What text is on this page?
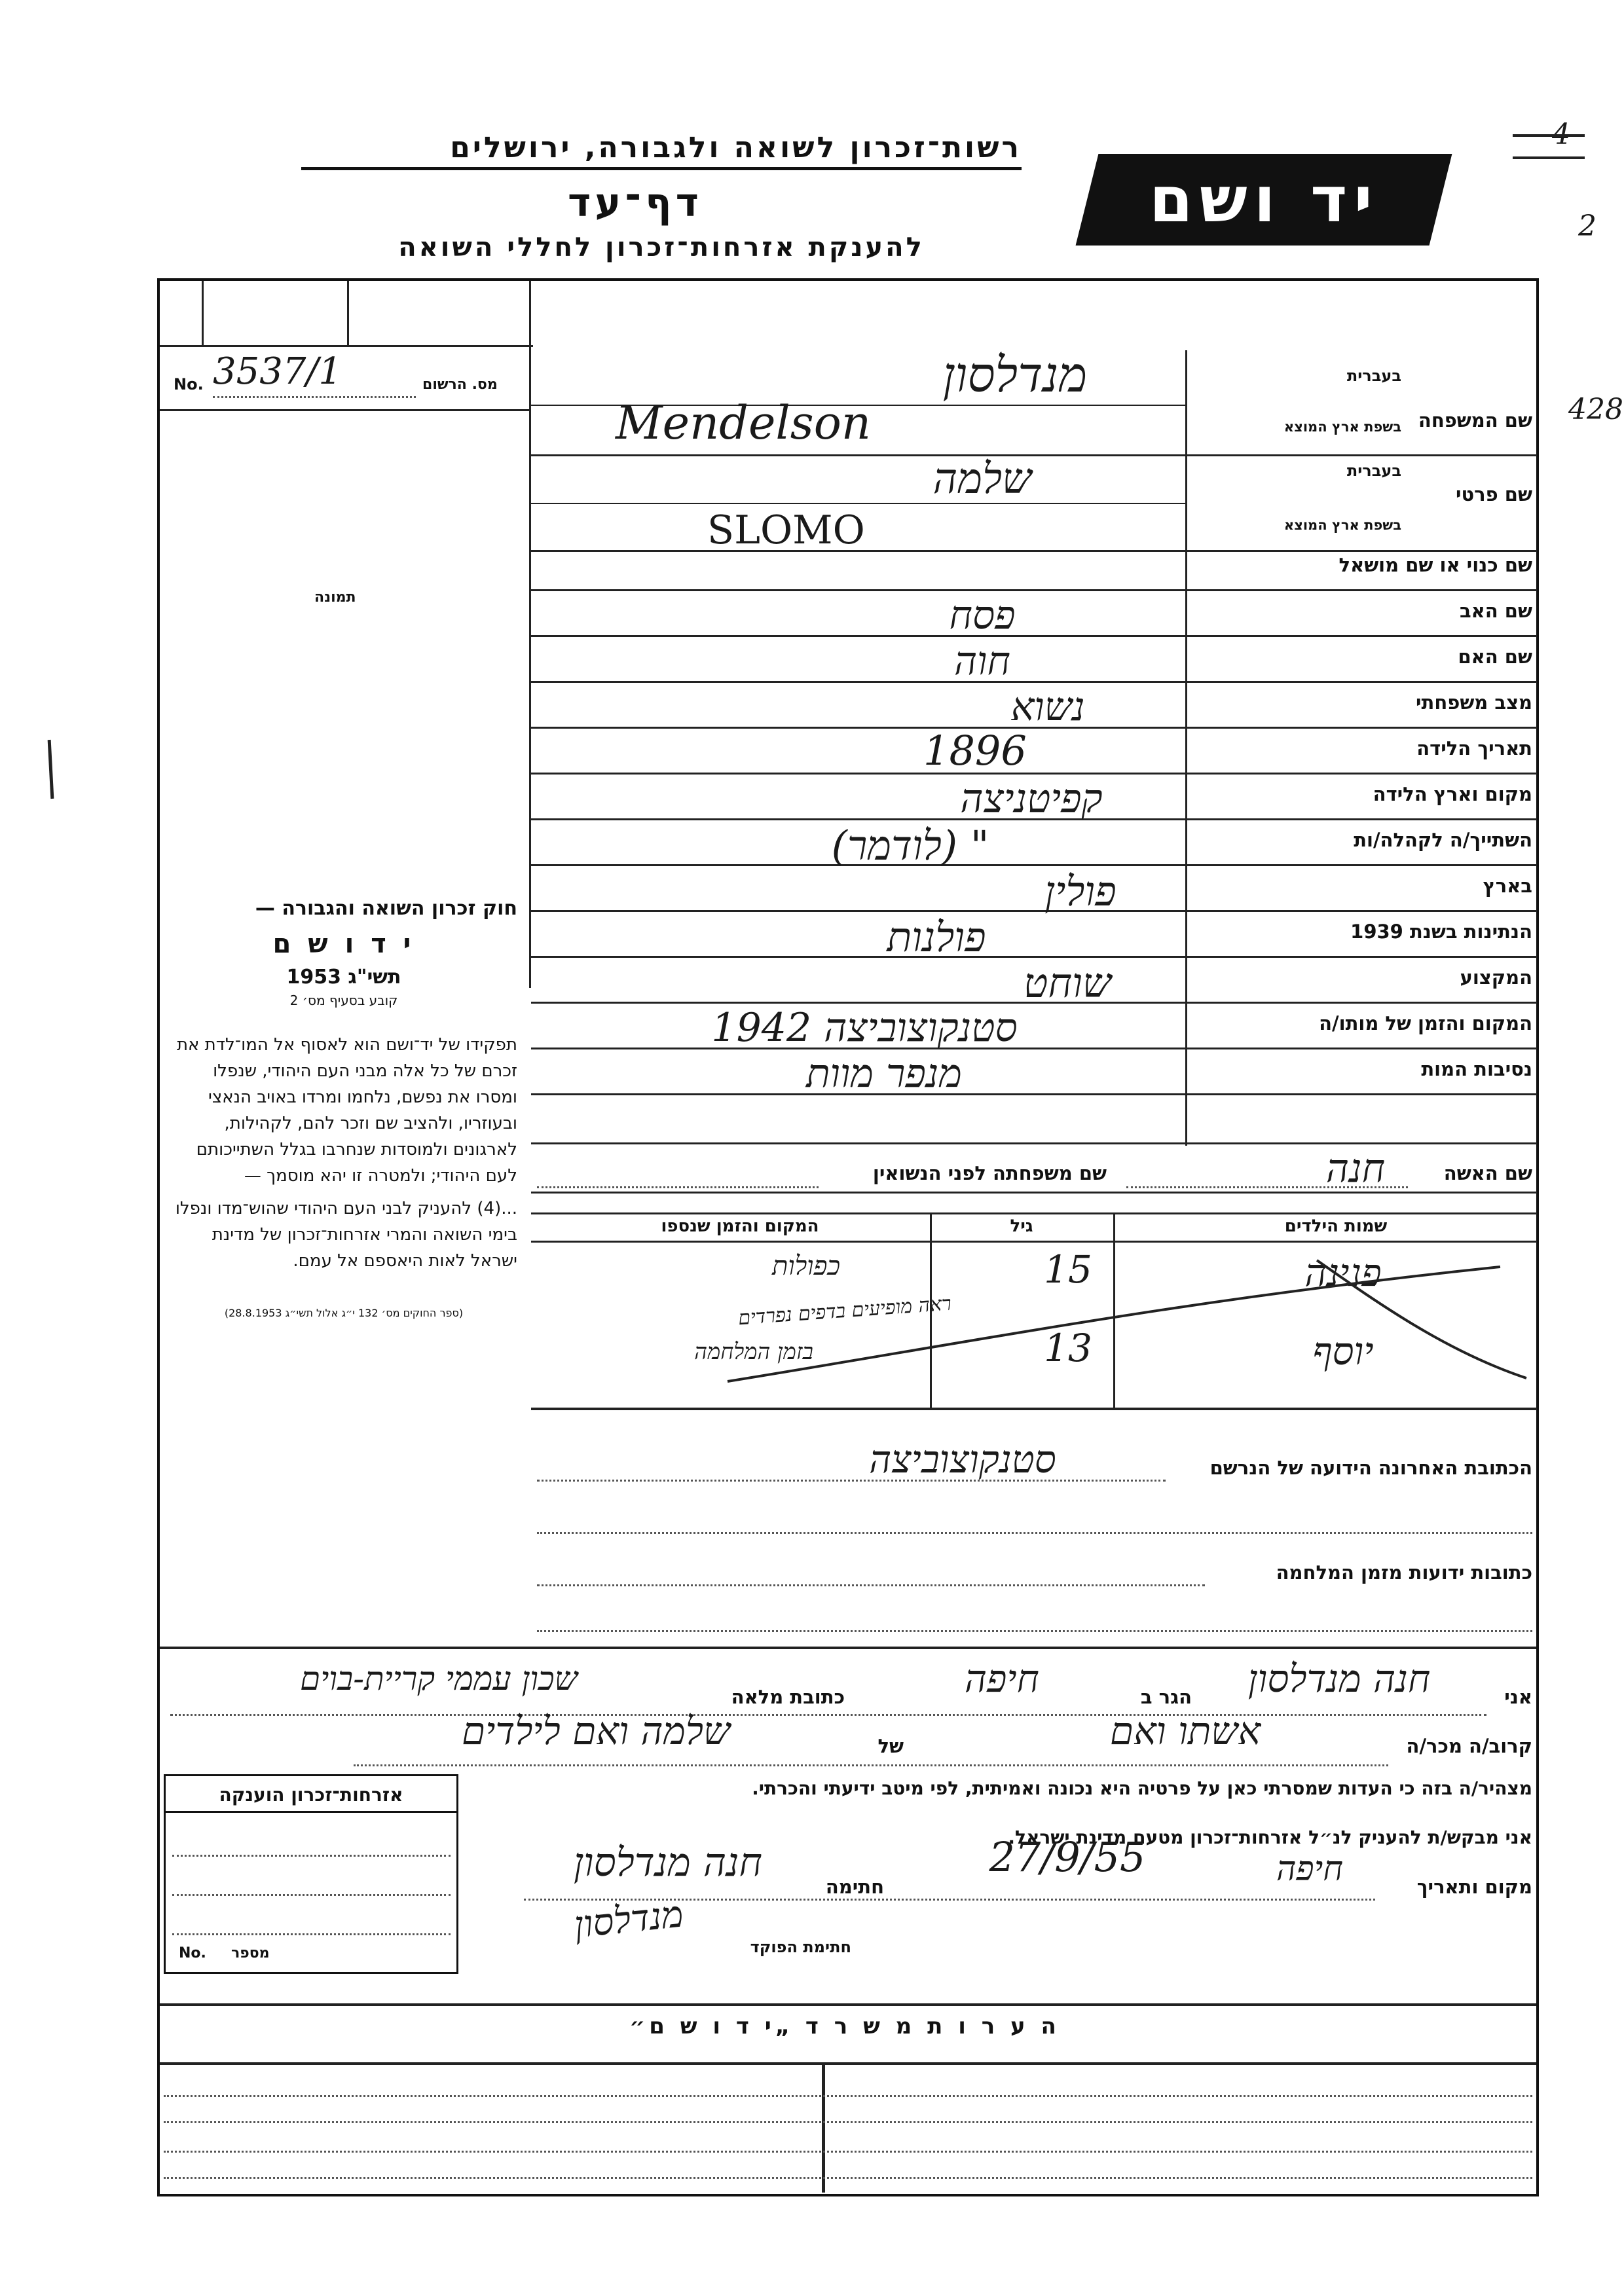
רשות־זכרון לשואה ולגבורה, ירושלים
דף־עד
להענקת אזרחות־זכרון לחללי השואה
יד ושם
4
2
428
No. 3537/1	מס. הרשום
תמונה
שם המשפחה
בעברית
בשפת ארץ המוצא
מנדלסון
Mendelson
שם פרטי
בעברית
בשפת ארץ המוצא
שלמה
SLOMO
שם כנוי או שם מושאל
שם האב
שם האם
מצב משפחתי
תאריך הלידה
מקום וארץ הלידה
השתייך/ה לקהלה/ות
בארץ
הנתינות בשנת 1939
המקצוע
המקום והזמן של מותו/ה
נסיבות המות
פסח
חוה
נשוא
1896
קפיטניצה
" (לודמר)
פולין
פולנות
שוחט
סטנקוצוביצה 1942
מנפר מוות
חוק זכרון השואה והגבורה —
י ד ו ש ם
תשי"ג 1953
קובע בסעיף מס׳ 2
תפקידו של יד־ושם הוא לאסוף אל המו־לדת את זכרם של כל אלה מבני העם היהודי, שנפלו ומסרו את נפשם, נלחמו ומרדו באויב הנאצי ובעוזריו, ולהציב שם וזכר להם, לקהילות, לארגונים ולמוסדות שנחרבו בגלל השתייכותם לעם היהודי; ולמטרה זו יהא מוסמך —
...(4) להעניק לבני העם היהודי שהוש־מדו ונפלו בימי השואה והמרי אזרחות־זכרון של מדינת ישראל לאות היאספם אל עמם.
(ספר החוקים מס׳ 132 י״ג אלול תשי״ג 28.8.1953)
שם האשה
שם משפחתה לפני הנשואין	חנה
שמות הילדים
גיל
המקום והזמן שנספו
פנינה
15
כפולות
יוסף
13
בזמן המלחמה
ראה מופיעים בדפים נפרדים
הכתובת האחרונה הידועה של הנרשם
סטנקוצוביצה
כתובות ידועות מזמן המלחמה
אני
חנה מנדלסון
הגר ב
חיפה
כתובת מלאה
שכון עממי קריית-בוים
קרוב/ה מכר/ה
אשתו ואם
של
שלמה ואם לילדים
מצהיר/ה בזה כי העדות שמסרתי כאן על פרטיה היא נכונה ואמיתית, לפי מיטב ידיעתי והכרתי.
אני מבקש/ת להעניק לנ״ל אזרחות־זכרון מטעם מדינת ישראל.
מקום ותאריך
חיפה
27/9/55
חתימה
חנה מנדלסון
חתימת הפוקד
מנדלסון
אזרחות־זכרון הוענקה
No. מספר
ה ע ר ו ת מ ש ר ד „י ד ו ש ם״
